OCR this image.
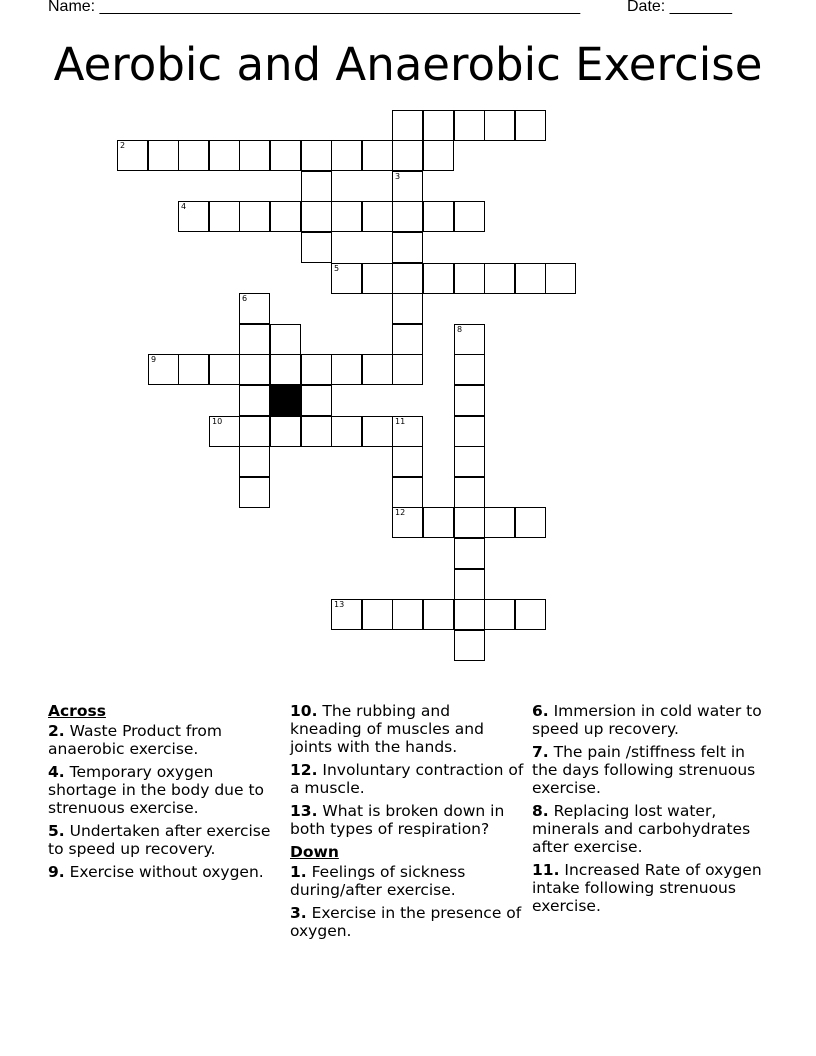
Name: ______________________________________________________	Date: _______
Aerobic and Anaerobic Exercise
2
3
4
5
6
8
9
10	11
12
13
Across
2. Waste Product from anaerobic exercise.
4. Temporary oxygen shortage in the body due to strenuous exercise.
5. Undertaken after exercise to speed up recovery.
9. Exercise without oxygen.
10. The rubbing and kneading of muscles and joints with the hands.
12. Involuntary contraction of a muscle.
13. What is broken down in both types of respiration?
Down
1. Feelings of sickness during/after exercise.
3. Exercise in the presence of oxygen.
6. Immersion in cold water to speed up recovery.
7. The pain /stiffness felt in the days following strenuous exercise.
8. Replacing lost water, minerals and carbohydrates after exercise.
11. Increased Rate of oxygen intake following strenuous exercise.
